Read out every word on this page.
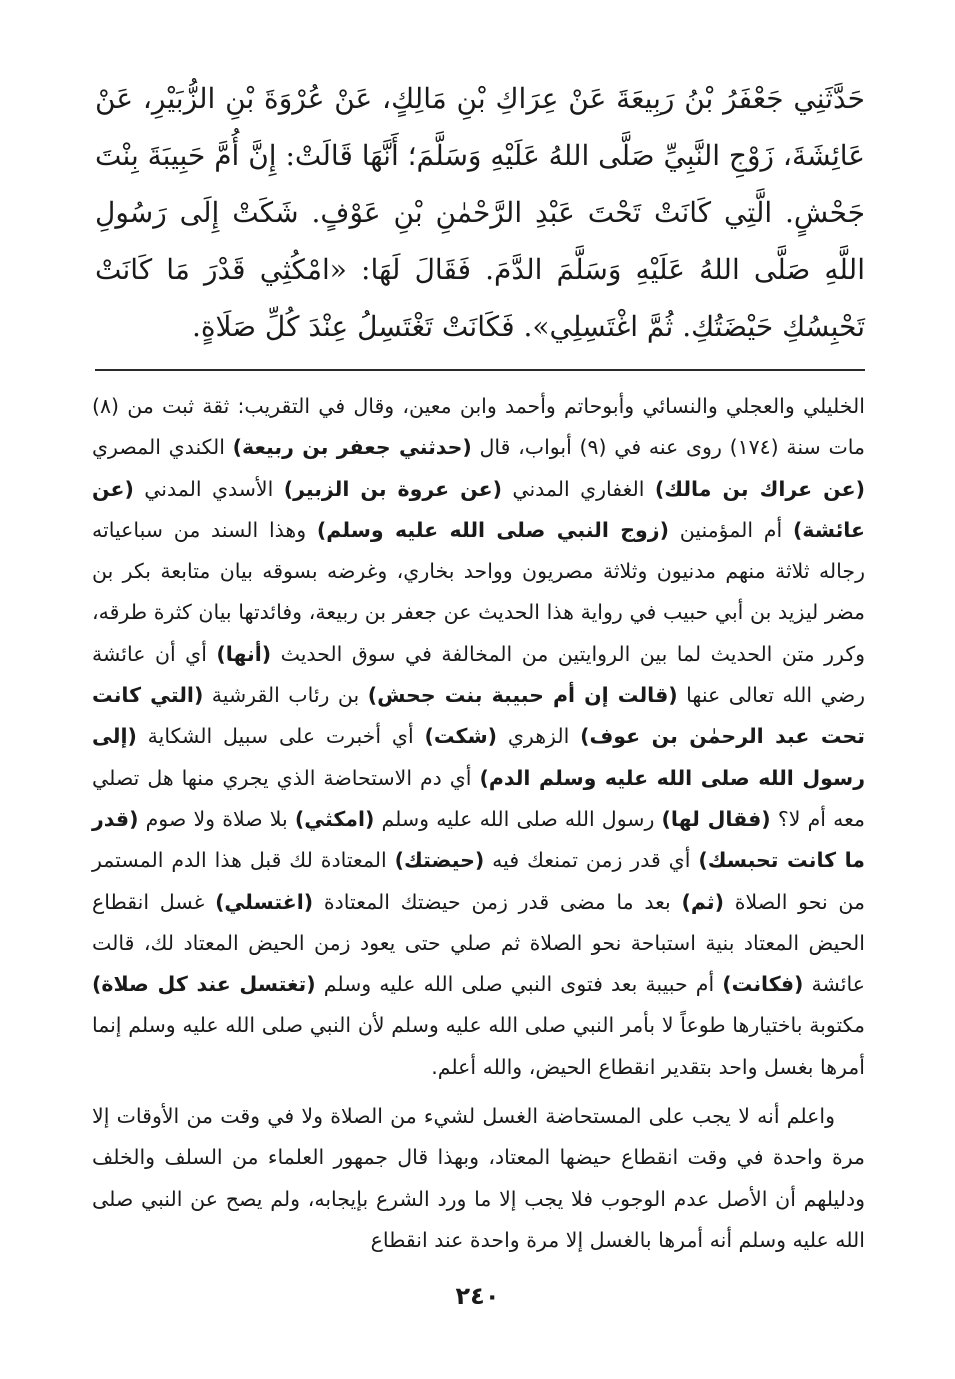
حَدَّثَنِي جَعْفَرُ بْنُ رَبِيعَةَ عَنْ عِرَاكِ بْنِ مَالِكٍ، عَنْ عُرْوَةَ بْنِ الزُّبَيْرِ، عَنْ عَائِشَةَ، زَوْجِ النَّبِيِّ صَلَّى اللهُ عَلَيْهِ وَسَلَّمَ؛ أَنَّهَا قَالَتْ: إِنَّ أُمَّ حَبِيبَةَ بِنْتَ جَحْشٍ. الَّتِي كَانَتْ تَحْتَ عَبْدِ الرَّحْمٰنِ بْنِ عَوْفٍ. شَكَتْ إِلَى رَسُولِ اللَّهِ صَلَّى اللهُ عَلَيْهِ وَسَلَّمَ الدَّمَ. فَقَالَ لَهَا: «امْكُثِي قَدْرَ مَا كَانَتْ تَحْبِسُكِ حَيْضَتُكِ. ثُمَّ اغْتَسِلِي». فَكَانَتْ تَغْتَسِلُ عِنْدَ كُلِّ صَلَاةٍ.

الخليلي والعجلي والنسائي وأبوحاتم وأحمد وابن معين، وقال في التقريب: ثقة ثبت من (٨) مات سنة (١٧٤) روى عنه في (٩) أبواب، قال (حدثني جعفر بن ربيعة) الكندي المصري (عن عراك بن مالك) الغفاري المدني (عن عروة بن الزبير) الأسدي المدني (عن عائشة) أم المؤمنين (زوج النبي صلى الله عليه وسلم) وهذا السند من سباعياته رجاله ثلاثة منهم مدنيون وثلاثة مصريون وواحد بخاري، وغرضه بسوقه بيان متابعة بكر بن مضر ليزيد بن أبي حبيب في رواية هذا الحديث عن جعفر بن ربيعة، وفائدتها بيان كثرة طرقه، وكرر متن الحديث لما بين الروايتين من المخالفة في سوق الحديث (أنها) أي أن عائشة رضي الله تعالى عنها (قالت إن أم حبيبة بنت جحش) بن رئاب القرشية (التي كانت تحت عبد الرحمٰن بن عوف) الزهري (شكت) أي أخبرت على سبيل الشكاية (إلى رسول الله صلى الله عليه وسلم الدم) أي دم الاستحاضة الذي يجري منها هل تصلي معه أم لا؟ (فقال لها) رسول الله صلى الله عليه وسلم (امكثي) بلا صلاة ولا صوم (قدر ما كانت تحبسك) أي قدر زمن تمنعك فيه (حيضتك) المعتادة لك قبل هذا الدم المستمر من نحو الصلاة (ثم) بعد ما مضى قدر زمن حيضتك المعتادة (اغتسلي) غسل انقطاع الحيض المعتاد بنية استباحة نحو الصلاة ثم صلي حتى يعود زمن الحيض المعتاد لك، قالت عائشة (فكانت) أم حبيبة بعد فتوى النبي صلى الله عليه وسلم (تغتسل عند كل صلاة) مكتوبة باختيارها طوعاً لا بأمر النبي صلى الله عليه وسلم لأن النبي صلى الله عليه وسلم إنما أمرها بغسل واحد بتقدير انقطاع الحيض، والله أعلم.

واعلم أنه لا يجب على المستحاضة الغسل لشيء من الصلاة ولا في وقت من الأوقات إلا مرة واحدة في وقت انقطاع حيضها المعتاد، وبهذا قال جمهور العلماء من السلف والخلف ودليلهم أن الأصل عدم الوجوب فلا يجب إلا ما ورد الشرع بإيجابه، ولم يصح عن النبي صلى الله عليه وسلم أنه أمرها بالغسل إلا مرة واحدة عند انقطاع

٢٤٠
